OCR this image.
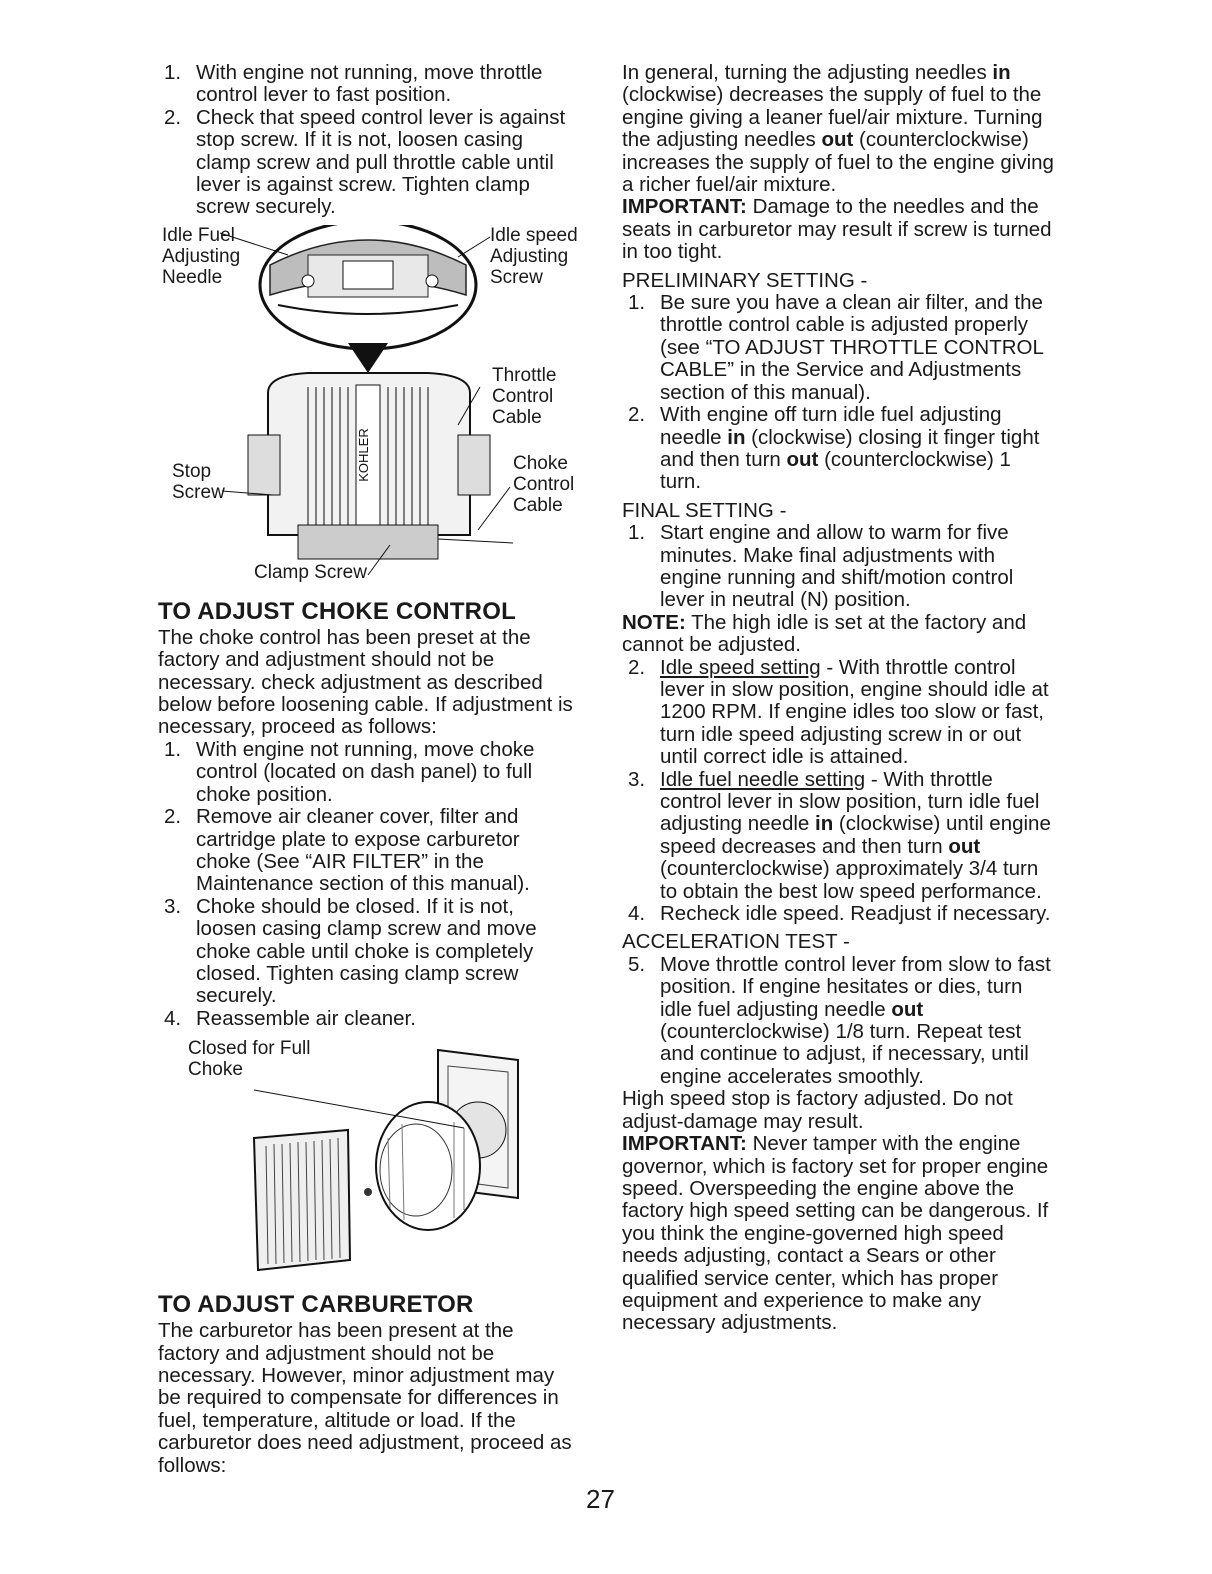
1. With engine not running, move throttle control lever to fast position.
2. Check that speed control lever is against stop screw. If it is not, loosen casing clamp screw and pull throttle cable until lever is against screw. Tighten clamp screw securely.
KOHLER
Idle Fuel Adjusting Needle
Idle speed Adjusting Screw
Throttle Control Cable
Stop Screw
Choke Control Cable
Clamp Screw
TO ADJUST CHOKE CONTROL

The choke control has been preset at the factory and adjustment should not be necessary. check adjustment as described below before loosening cable. If adjustment is necessary, proceed as follows:

1. With engine not running, move choke control (located on dash panel) to full choke position.
2. Remove air cleaner cover, filter and cartridge plate to expose carburetor choke (See “AIR FILTER” in the Maintenance section of this manual).
3. Choke should be closed. If it is not, loosen casing clamp screw and move choke cable until choke is completely closed. Tighten casing clamp screw securely.
4. Reassemble air cleaner.
Closed for Full Choke
TO ADJUST CARBURETOR

The carburetor has been present at the factory and adjustment should not be necessary. However, minor adjustment may be required to compensate for differences in fuel, temperature, altitude or load. If the carburetor does need adjustment, proceed as follows:

In general, turning the adjusting needles in (clockwise) decreases the supply of fuel to the engine giving a leaner fuel/air mixture. Turning the adjusting needles out (counterclockwise) increases the supply of fuel to the engine giving a richer fuel/air mixture.

IMPORTANT: Damage to the needles and the seats in carburetor may result if screw is turned in too tight.

PRELIMINARY SETTING -

1. Be sure you have a clean air filter, and the throttle control cable is adjusted properly (see “TO ADJUST THROTTLE CONTROL CABLE” in the Service and Adjustments section of this manual).
2. With engine off turn idle fuel adjusting needle in (clockwise) closing it finger tight and then turn out (counterclockwise) 1 turn.

FINAL SETTING -

1. Start engine and allow to warm for five minutes. Make final adjustments with engine running and shift/motion control lever in neutral (N) position.

NOTE: The high idle is set at the factory and cannot be adjusted.

2. Idle speed setting - With throttle control lever in slow position, engine should idle at 1200 RPM. If engine idles too slow or fast, turn idle speed adjusting screw in or out until correct idle is attained.
3. Idle fuel needle setting - With throttle control lever in slow position, turn idle fuel adjusting needle in (clockwise) until engine speed decreases and then turn out (counterclockwise) approximately 3/4 turn to obtain the best low speed performance.
4. Recheck idle speed. Readjust if necessary.

ACCELERATION TEST -

5. Move throttle control lever from slow to fast position. If engine hesitates or dies, turn idle fuel adjusting needle out (counterclockwise) 1/8 turn. Repeat test and continue to adjust, if necessary, until engine accelerates smoothly.

High speed stop is factory adjusted. Do not adjust-damage may result.

IMPORTANT: Never tamper with the engine governor, which is factory set for proper engine speed. Overspeeding the engine above the factory high speed setting can be dangerous. If you think the engine-governed high speed needs adjusting, contact a Sears or other qualified service center, which has proper equipment and experience to make any necessary adjustments.

27
